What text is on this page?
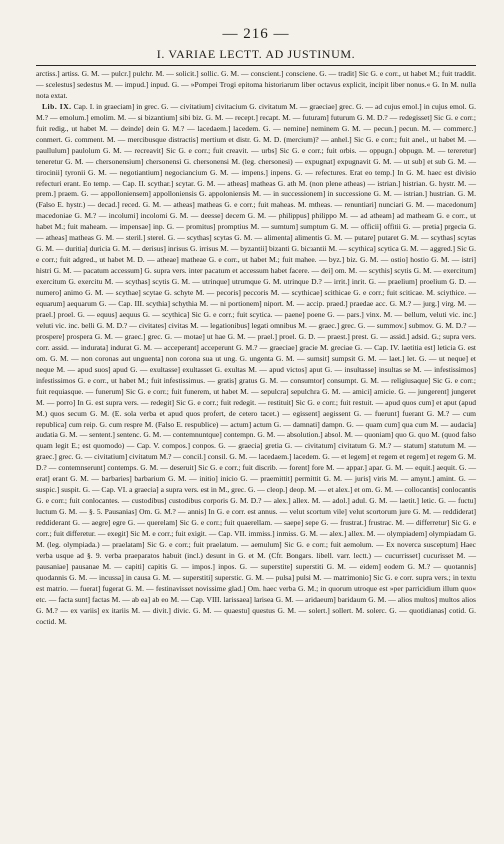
— 216 —
I. VARIAE LECTT. AD JUSTINUM.

arctiss.] artiss. G. M. — pulcr.] pulchr. M. — solicit.] sollic. G. M. — conscient.] consciene. G. — tradit] Sic G. e corr., ut habet M.; fuit traddit. — scelestus] sedestus M. — impud.] inpud. G. — »Pompei Trogi epitoma historiarum liber octavus explicit, incipit liber nonus.« G. In M. nulla nota extat.

Lib. IX. Cap. I. in graeciam] in grec. G. — civitatium] civitacium G. civitatum M. — graeciae] grec. G. — ad cujus emol.] in cujus emol. G. M.? — emolum.] emolim. M. — si bizantium] sibi biz. G. M. — recept.] recapt. M. — futuram] futurum G. M. D.? — redegisset] Sic G. e corr.; fuit redig., ut habet M. — deinde] dein G. M.? — lacedaem.] lacedem. G. — nemine] neminem G. M. — pecun.] pecun. M. — commerc.] conmert. G. comment. M. — mercibusque distractis] mertium et distr. G. M. D. (mercium)? — anhel.] Sic G. e corr.; fuit anel., ut habet M. — paullulum] paulolum G. M. — recreavit] Sic G. e corr.; fuit creavit. — urbs] Sic G. e corr.; fuit orbis. — oppugn.] obpugn. M. — tereretur] teneretur G. M. — chersonensium] chersonensi G. chersonensi M. (leg. chersonesi) — expugnat] expugnavit G. M. — ut sub] et sub G. M. — tirocinii] tyronii G. M. — negotiantium] negociancium G. M. — impens.] inpens. G. — refectures. Erat eo temp.] In G. M. haec est divisio refecturi erant. Eo temp. — Cap. II. scythar.] scytar. G. M. — atheas] matheas G. ath M. (non plene atheas) — istrian.] histrian. G. hystr. M. — prem.] praem. G. — appolloniensem] appolloniensis G. appoloniensis M. — in successionem] in successione G. M. — istrian.] hustrian. G. M. (Falso E. hystr.) — decad.] reced. G. M. — atheas] matheas G. e corr.; fuit maheas. M. mtheas. — renuntiari] nunciari G. M. — macedonum] macedoniae G. M.? — incolumi] incolomi G. M. — deesse] decem G. M. — philippus] philippo M. — ad atheam] ad matheam G. e corr., ut habet M.; fuit maheam. — impensae] inp. G. — promitus] promptius M. — sumtum] sumptum G. M. — officii] offitii G. — pretia] prgecia G. — atheas] matheas G. M. — steril.] sterel. G. — scythas] scytas G. M. — alimenta] alimentis G. M. — putare] putaret G. M. — scythas] scytas G. M. — duritia] duricia G. M. — derisus] inrisus G. irrisus M. — byzantii] bizanti G. bicзantii M. — scythica] scytica G. M. — aggred.] Sic G. e corr.; fuit adgred., ut habet M. D. — atheae] matheae G. e corr., ut habet M.; fuit mahee. — byz.] biz. G. M. — ostio] hostio G. M. — istri] histri G. M. — pacatum accessum] G. supra vers. inter pacatum et accessum habet facere. — dei] om. M. — scythis] scytis G. M. — exercitum] exercitum G. exercitu M. — scythas] scytis G. M. — utrinque] utrumque G. M. utrinque D.? — irrit.] inrit. G. — praelium] proelium G. D. — numero] animo G. M. — scythae] scytae G. schyte M. — pecoris] peccoris M. — scythicae] scithicae G. e corr.; fuit scitiсae. M. scіythice. — equarum] aequarum G. — Cap. III. scythia] schythia M. — ni portionem] niport. M. — accip. praed.] praedae acc. G. M.? — jurg.] virg. M. — prael.] proel. G. — equus] aequus G. — scythica] Sic G. e corr.; fuit scytica. — paene] poene G. — pars.] vinx. M. — bellum, veluti vic. inc.] veluti vic. inc. belli G. M. D.? — civitates] civitas M. — legationibus] legati omnibus M. — graec.] grec. G. — summov.] submov. G. M. D.? — prospere] prospera G. M. — graec.] grec. G. — motae] ut hae G. M. — prael.] proel. G. D. — praest.] prest. G. — assid.] adsid. G.; supra vers. corr. assid. — indurata] indurat G. M. — acceperant] acceperunt G. M.? — graeciae] gracie M. greciae G. — Cap. IV. laetitia est] leticia G. est om. G. M. — non coronas aut unguenta] non corona sua ut ung. G. ungenta G. M. — sumsit] sumpsit G. M. — laet.] let. G. — ut neque] et neque M. — apud suos] apud G. — exultasse] exultasset G. exultas M. — apud victos] aput G. — insultasse] insultas se M. — infestissimos] infestissimos G. e corr., ut habet M.; fuit infestissimus. — gratis] gratus G. M. — consumtor] consumpt. G. M. — religiusaque] Sic G. e corr.; fuit requiasque. — funerum] Sic G. e corr.; fuit funerem, ut habet M. — sepulcra] sepulchra G. M. — amici] amicie. G. — jungerent] jungeret M. — porro] In G. est supra vers. — redegit] Sic G. e corr.; fuit redegit. — restituit] Sic G. e corr.; fuit restuit. — apud quos cum] et aput (apud M.) quos secum G. M. (E. sola verba et apud quos profert, de cetero tacet.) — egissent] aegissent G. — fuerunt] fuerant G. M.? — cum republica] cum reip. G. cum respre M. (Falso E. respublice) — actum] actum G. — damnati] dampn. G. — quam cum] qua cum M. — audacia] audatia G. M. — sentent.] sentenc. G. M. — contemnuntque] contempn. G. M. — absolution.] absol. M. — quoniam] quo G. quo M. (quod falso quam legit E.; est quomodo) — Cap. V. compos.] conpos. G. — graecia] gretia G. — civitatum] civitatum G. M.? — statum] statutum M. — graec.] grec. G. — civitatium] civitatum M.? — concil.] consil. G. M. — lacedaem.] lacedem. G. — et legem] et regem et regem] et regem G. M. D.? — contemnserunt] contemps. G. M. — deseruit] Sic G. e corr.; fuit discrib. — forent] fore M. — appar.] apar. G. M. — equit.] aequit. G. — erat] erant G. M. — barbaries] barbarium G. M. — initio] inicio G. — praemittit] permittit G. M. — juris] viris M. — amynt.] amint. G. — suspic.] suspit. G. — Cap. VI. a graecia] a supra vers. est in M., grec. G. — cleop.] deop. M. — et alex.] et om. G. M. — collocantis] conlocantis G. e corr.; fuit conlocantes. — custodibus] custodibus corporis G. M. D.? — alex.] allex. M. — adol.] adul. G. M. — laetit.] letic. G. — fuctu] luctum G. M. — §. 5. Pausanias] Om. G. M.? — annis] In G. e corr. est annus. — velut scortum vile] velut scortorum jure G. M. — reddiderat] reddiderant G. — aegre] egre G. — querelam] Sic G. e corr.; fuit quaerellam. — saepe] sepe G. — frustrat.] frustrac. M. — differretur] Sic G. e corr.; fuit differetur. — exegit] Sic M. e corr.; fuit exigit. — Cap. VII. immiss.] inmiss. G. M. — alex.] allex. M. — olympiadem] olympiadam G. M. (leg. olympiada.) — praelatam] Sic G. e corr.; fuit praelatum. — aemulum] Sic G. e corr.; fuit aemolum. — Ex noverca susceptum] Haec verba usque ad §. 9. verba praeparatos habuit (incl.) desunt in G. et M. (Cfr. Bongars. libell. varr. lectt.) — cucurrisset] cucurisset M. — pausaniae] pausanae M. — capiti] capitis G. — impos.] inpos. G. — superstite] superstiti G. M. — eidem] eodem G. M.? — quotannis] quodannis G. M. — incussa] in causa G. M. — superstiti] superstic. G. M. — pulsa] pulsi M. — matrimonio] Sic G. e corr. supra vers.; in textu est matrio. — fuerat] fugerat G. M. — festinavisset novissime glad.] Om. haec verba G. M.; in quorum utroque est »per parricidium illum quo« etc. — facta sunt] factas M. — ab ea] ab eo M. — Cap. VIII. larissaea] larisea G. M. — aridaeum] baridaum G. M. — alios multos] multos alios G. M.? — ex variis] ex itariis M. — divit.] divic. G. M. — quaestu] questus G. M. — solert.] sollert. M. solerc. G. — quotidianas] cotid. G. coctid. M.
